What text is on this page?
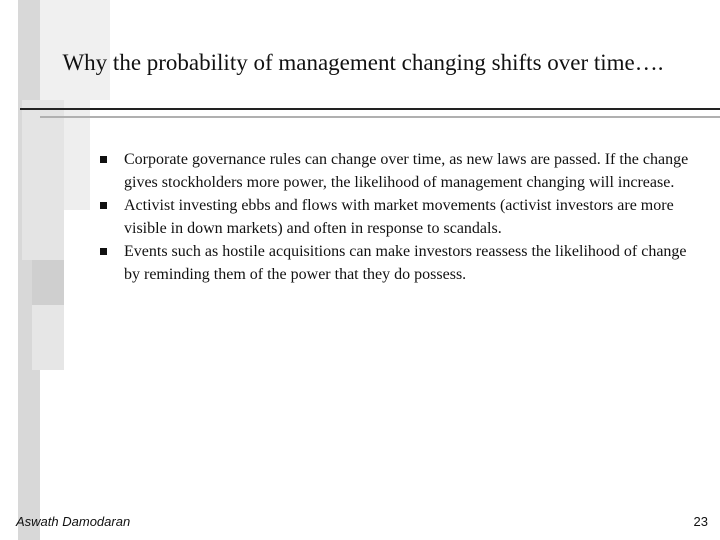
Why the probability of management changing shifts over time….
Corporate governance rules can change over time, as new laws are passed. If the change gives stockholders more power, the likelihood of management changing will increase.
Activist investing ebbs and flows with market movements (activist investors are more visible in down markets) and often in response to scandals.
Events such as hostile acquisitions can make investors reassess the likelihood of change by reminding them of the power that they do possess.
Aswath Damodaran	23
